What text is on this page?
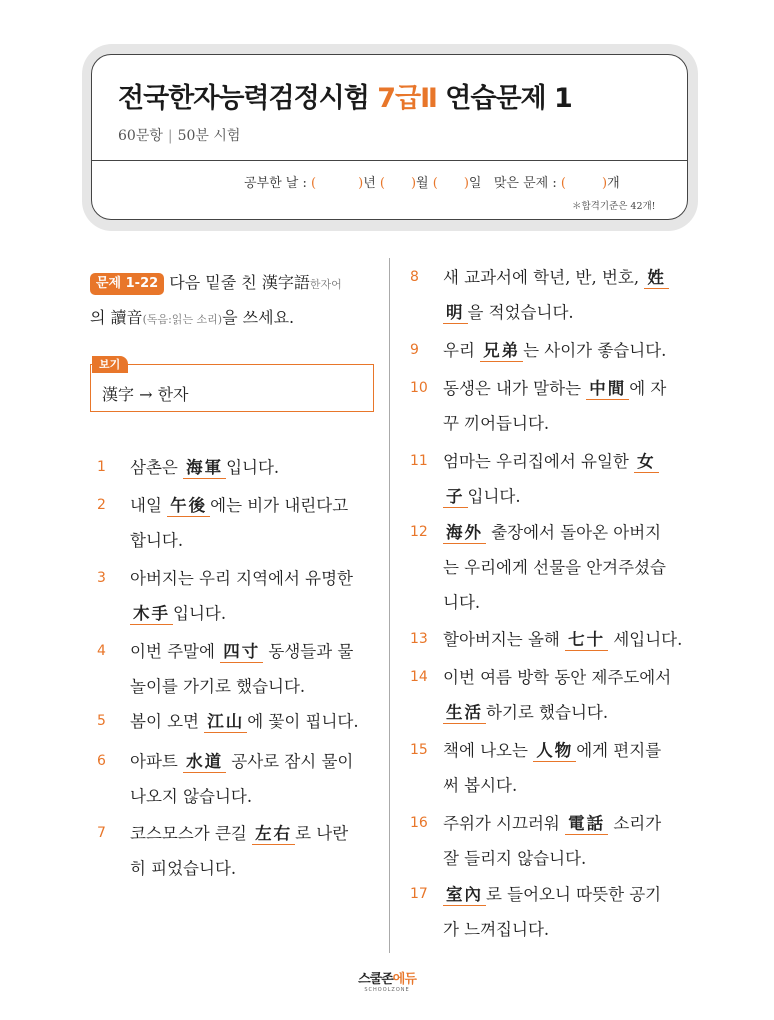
전국한자능력검정시험 7급Ⅱ 연습문제 1
60문항 | 50분 시험
공부한 날 : (	)년 ( )월 ( )일 맞은 문제 : (	)개
＊합격기준은 42개!
문제 1-22 다음 밑줄 친 漢字語한자어
의 讀音(독음:읽는 소리)을 쓰세요.
보기
漢字 → 한자
1 삼촌은 海軍 입니다.
2 내일 午後 에는 비가 내린다고
합니다.
3 아버지는 우리 지역에서 유명한
木手 입니다.
4 이번 주말에 四寸 동생들과 물
놀이를 가기로 했습니다.
5 봄이 오면 江山 에 꽃이 핍니다.
6 아파트 水道 공사로 잠시 물이
나오지 않습니다.
7 코스모스가 큰길 左右 로 나란
히 피었습니다.
8 새 교과서에 학년, 반, 번호, 姓
明 을 적었습니다.
9 우리 兄弟 는 사이가 좋습니다.
10 동생은 내가 말하는 中間 에 자
꾸 끼어듭니다.
11 엄마는 우리집에서 유일한 女
子 입니다.
12 海外 출장에서 돌아온 아버지
는 우리에게 선물을 안겨주셨습
니다.
13 할아버지는 올해 七十 세입니다.
14 이번 여름 방학 동안 제주도에서
生活 하기로 했습니다.
15 책에 나오는 人物 에게 편지를
써 봅시다.
16 주위가 시끄러워 電話 소리가
잘 들리지 않습니다.
17 室內 로 들어오니 따뜻한 공기
가 느껴집니다.
스쿨존에듀
SCHOOLZONE
